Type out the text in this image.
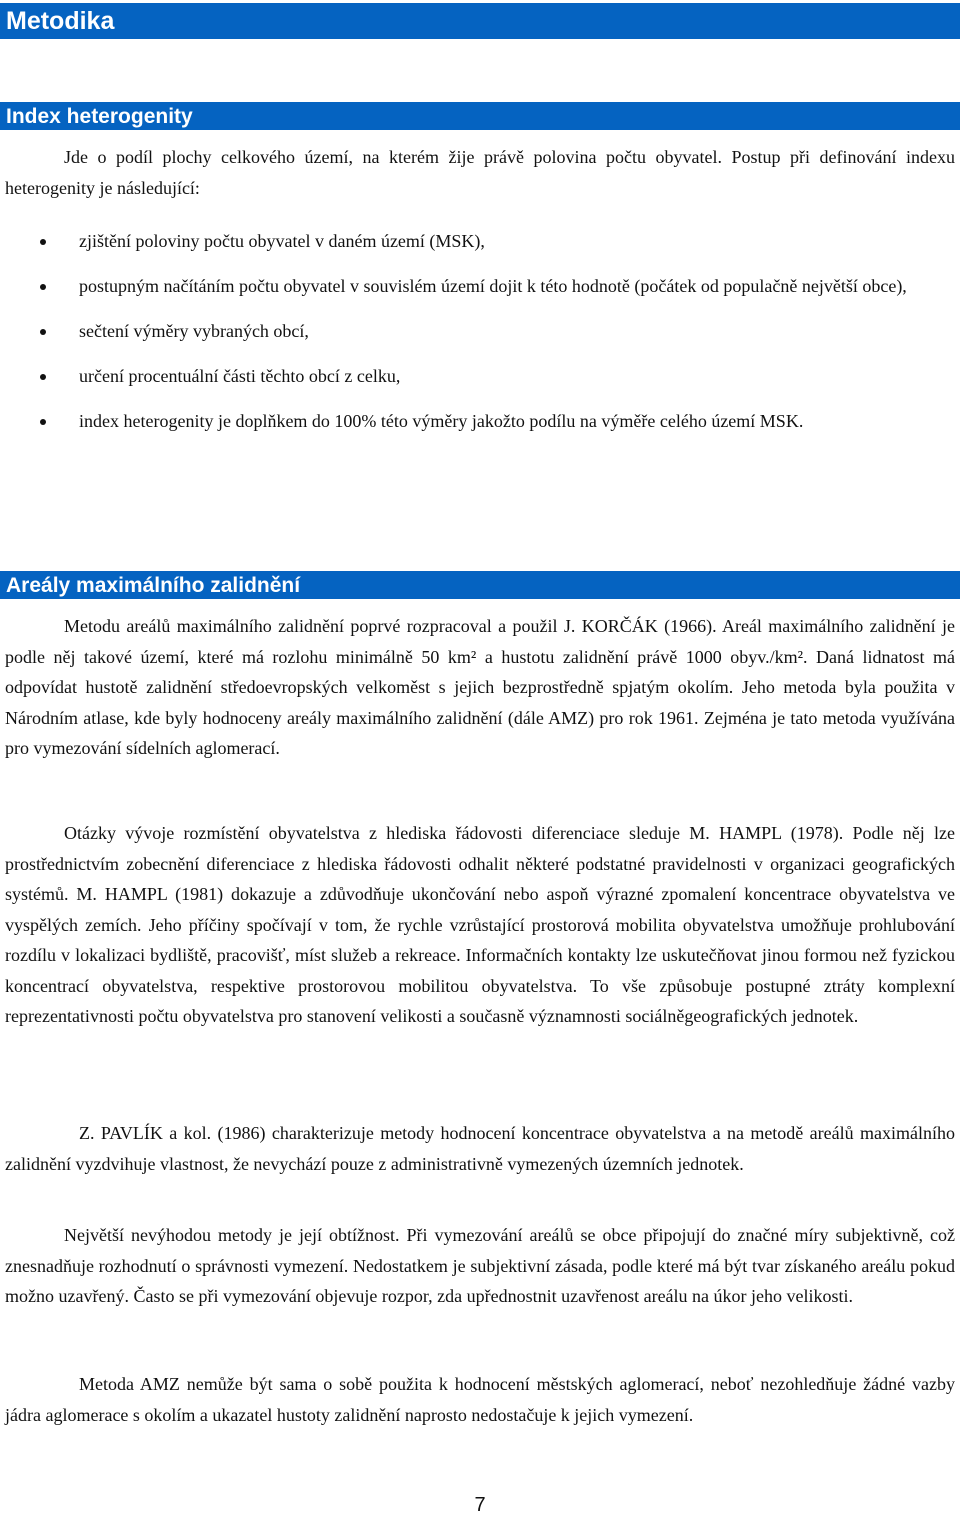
Metodika
Index heterogenity

Jde o podíl plochy celkového území, na kterém žije právě polovina počtu obyvatel. Postup při definování indexu heterogenity je následující:

zjištění poloviny počtu obyvatel v daném území (MSK),
postupným načítáním počtu obyvatel v souvislém území dojit k této hodnotě (počátek od populačně největší obce),
sečtení výměry vybraných obcí,
určení procentuální části těchto obcí z celku,
index heterogenity je doplňkem do 100% této výměry jakožto podílu na výměře celého území MSK.
Areály maximálního zalidnění

Metodu areálů maximálního zalidnění poprvé rozpracoval a použil J. KORČÁK (1966). Areál maximálního zalidnění je podle něj takové území, které má rozlohu minimálně 50 km² a hustotu zalidnění právě 1000 obyv./km². Daná lidnatost má odpovídat hustotě zalidnění středoevropských velkoměst s jejich bezprostředně spjatým okolím. Jeho metoda byla použita v Národním atlase, kde byly hodnoceny areály maximálního zalidnění (dále AMZ) pro rok 1961. Zejména je tato metoda využívána pro vymezování sídelních aglomerací.

Otázky vývoje rozmístění obyvatelstva z hlediska řádovosti diferenciace sleduje M. HAMPL (1978). Podle něj lze prostřednictvím zobecnění diferenciace z hlediska řádovosti odhalit některé podstatné pravidelnosti v organizaci geografických systémů. M. HAMPL (1981) dokazuje a zdůvodňuje ukončování nebo aspoň výrazné zpomalení koncentrace obyvatelstva ve vyspělých zemích. Jeho příčiny spočívají v tom, že rychle vzrůstající prostorová mobilita obyvatelstva umožňuje prohlubování rozdílu v lokalizaci bydliště, pracovišť, míst služeb a rekreace. Informačních kontakty lze uskutečňovat jinou formou než fyzickou koncentrací obyvatelstva, respektive prostorovou mobilitou obyvatelstva. To vše způsobuje postupné ztráty komplexní reprezentativnosti počtu obyvatelstva pro stanovení velikosti a současně významnosti sociálněgeografických jednotek.

Z. PAVLÍK a kol. (1986) charakterizuje metody hodnocení koncentrace obyvatelstva a na metodě areálů maximálního zalidnění vyzdvihuje vlastnost, že nevychází pouze z administrativně vymezených územních jednotek.

Největší nevýhodou metody je její obtížnost. Při vymezování areálů se obce připojují do značné míry subjektivně, což znesnadňuje rozhodnutí o správnosti vymezení. Nedostatkem je subjektivní zásada, podle které má být tvar získaného areálu pokud možno uzavřený. Často se při vymezování objevuje rozpor, zda upřednostnit uzavřenost areálu na úkor jeho velikosti.

Metoda AMZ nemůže být sama o sobě použita k hodnocení městských aglomerací, neboť nezohledňuje žádné vazby jádra aglomerace s okolím a ukazatel hustoty zalidnění naprosto nedostačuje k jejich vymezení.

7
